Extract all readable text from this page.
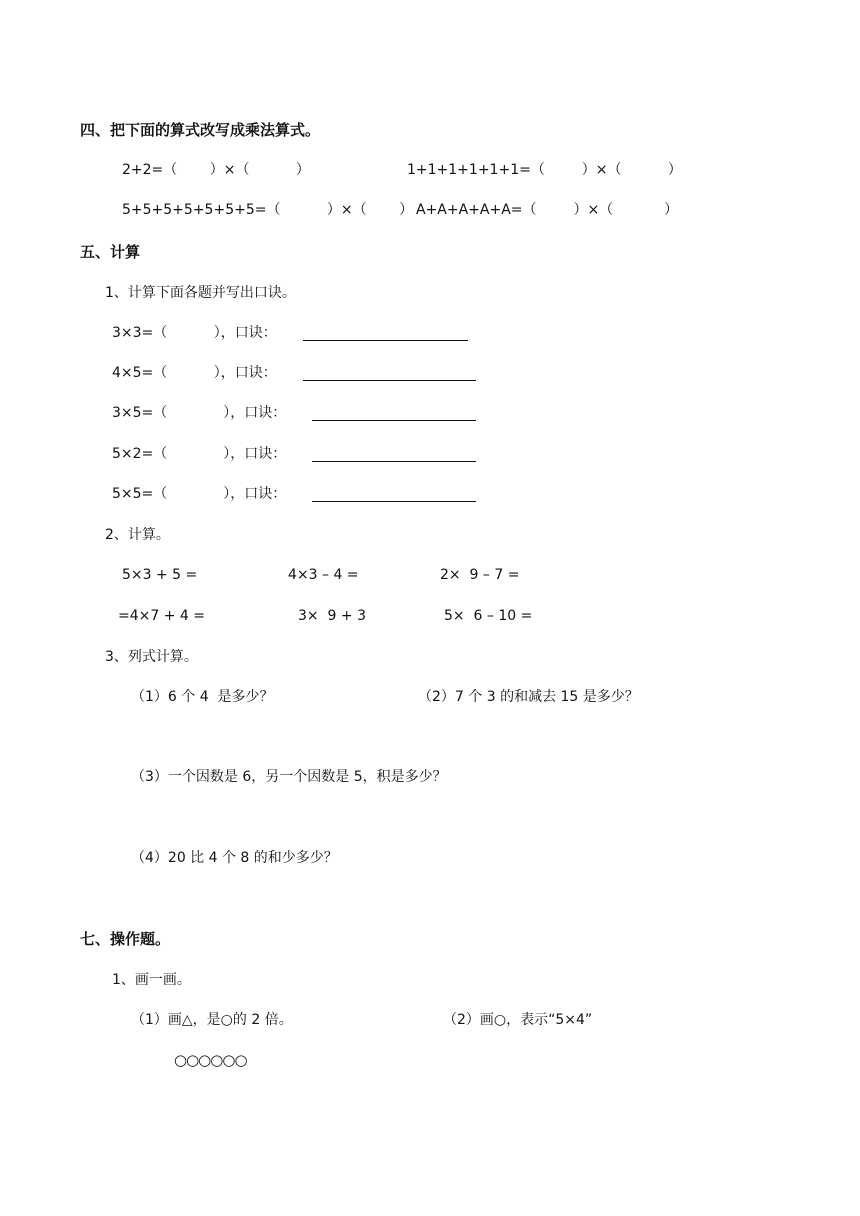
四、把下面的算式改写成乘法算式。
2+2=（　 　）×（　　 　）	1+1+1+1+1+1=（　 　 ）×（　　 　）
5+5+5+5+5+5+5=（　　 　）×（　 　） A+A+A+A+A=（　 　 ）×（　 　 　）
五、计算
1、计算下面各题并写出口诀。
3×3=（　　　 ），口诀：
4×5=（　　　 ），口诀：
3×5=（　　　　），口诀：
5×2=（　　　　），口诀：
5×5=（　　　　），口诀：
2、计算。
5×3 + 5 =	4×3 – 4 =	2×  9 – 7 =
=4×7 + 4 =	3×  9 + 3	5×  6 – 10 =
3、列式计算。
（1）6 个 4  是多少？	（2）7 个 3 的和减去 15 是多少？
（3）一个因数是 6，另一个因数是 5，积是多少？
（4）20 比 4 个 8 的和少多少？
七、操作题。
1、画一画。
（1）画△，是○的 2 倍。	（2）画○，表示“5×4”
○○○○○○
